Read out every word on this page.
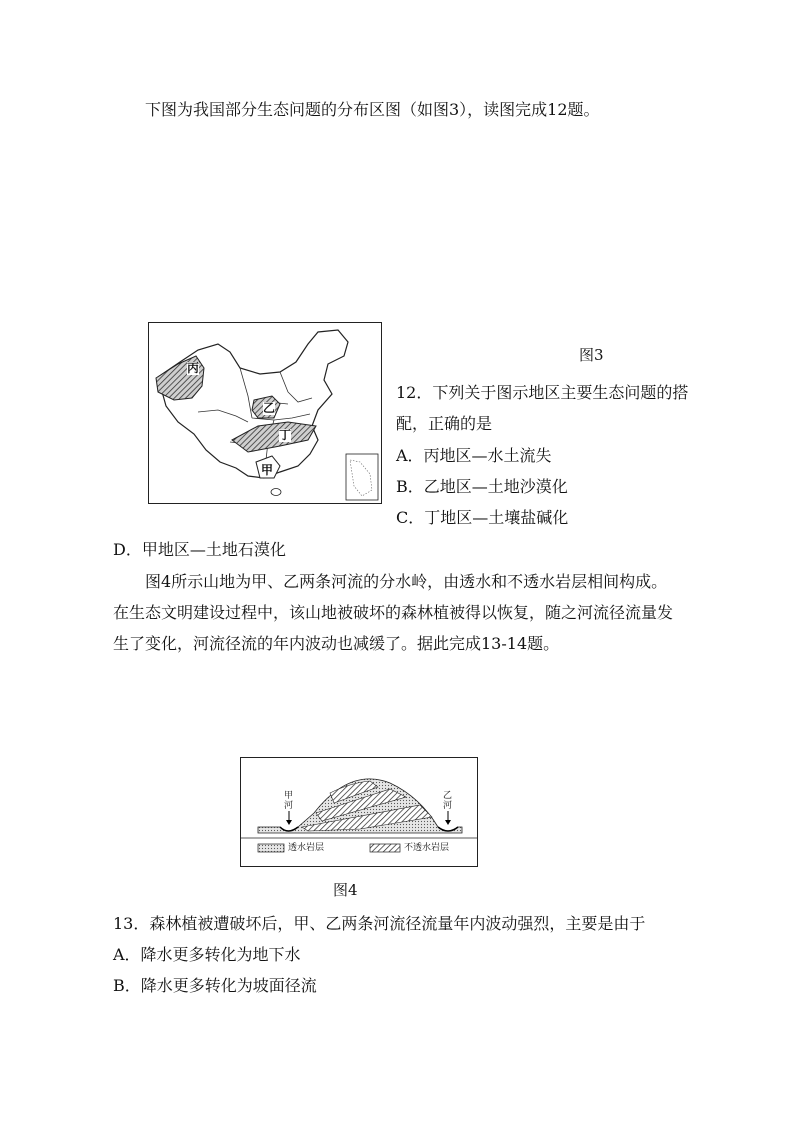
下图为我国部分生态问题的分布区图（如图3），读图完成12题。
丙
乙
丁
甲
图3
12．下列关于图示地区主要生态问题的搭
配，正确的是
A．丙地区—水土流失
B．乙地区—土地沙漠化
C．丁地区—土壤盐碱化
D．甲地区—土地石漠化
图4所示山地为甲、乙两条河流的分水岭，由透水和不透水岩层相间构成。
在生态文明建设过程中，该山地被破坏的森林植被得以恢复，随之河流径流量发
生了变化，河流径流的年内波动也减缓了。据此完成13-14题。
甲河
乙河
透水岩层	不透水岩层
图4
13．森林植被遭破坏后，甲、乙两条河流径流量年内波动强烈，主要是由于
A．降水更多转化为地下水
B．降水更多转化为坡面径流
